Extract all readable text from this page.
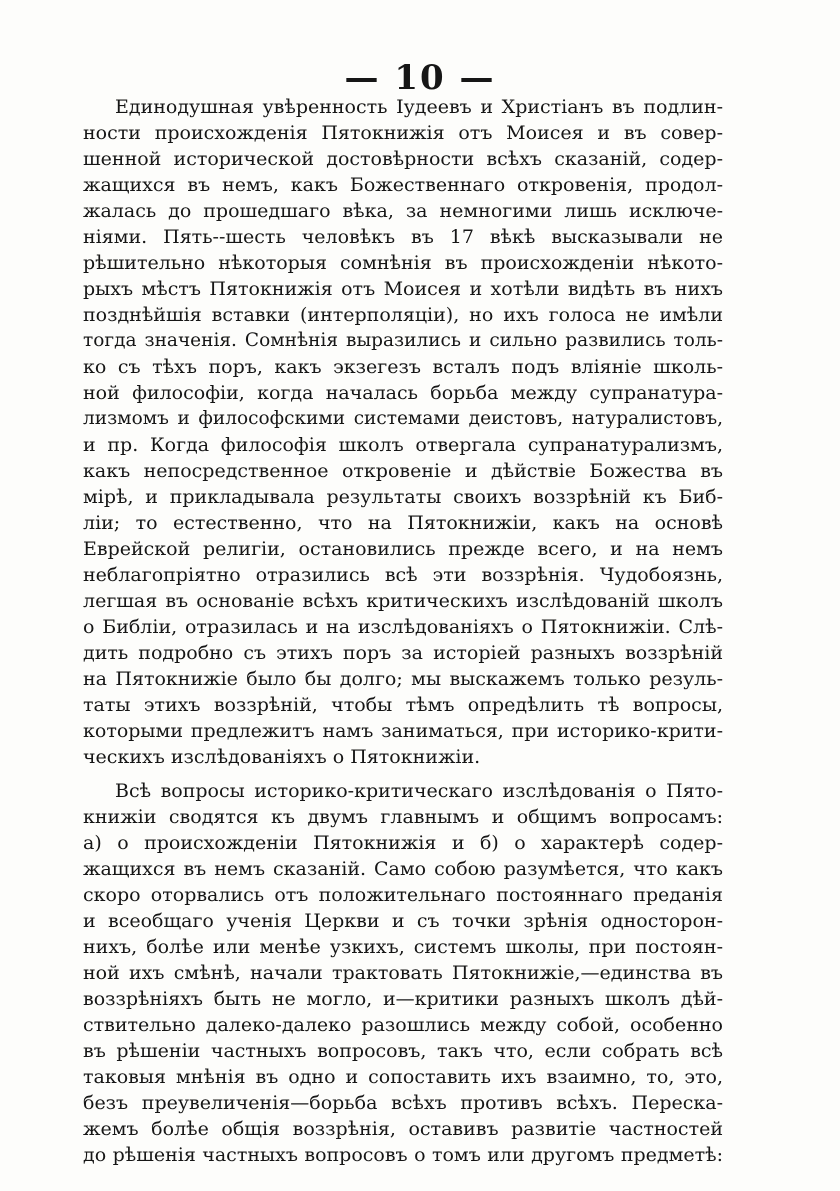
— 10 —
Единодушная увѣренность Іудеевъ и Христіанъ въ подлин-
ности происхожденія Пятокнижія отъ Моисея и въ совер-
шенной исторической достовѣрности всѣхъ сказаній, содер-
жащихся въ немъ, какъ Божественнаго откровенія, продол-
жалась до прошедшаго вѣка, за немногими лишь исключе-
ніями. Пять--шесть человѣкъ въ 17 вѣкѣ высказывали не
рѣшительно нѣкоторыя сомнѣнія въ происхожденіи нѣкото-
рыхъ мѣстъ Пятокнижія отъ Моисея и хотѣли видѣть въ нихъ
позднѣйшія вставки (интерполяціи), но ихъ голоса не имѣли
тогда значенія. Сомнѣнія выразились и сильно развились толь-
ко съ тѣхъ поръ, какъ экзегезъ всталъ подъ вліяніе школь-
ной философіи, когда началась борьба между супранатура-
лизмомъ и философскими системами деистовъ, натуралистовъ,
и пр. Когда философія школъ отвергала супранатурализмъ,
какъ непосредственное откровеніе и дѣйствіе Божества въ
мірѣ, и прикладывала результаты своихъ воззрѣній къ Биб-
ліи; то естественно, что на Пятокнижіи, какъ на основѣ
Еврейской религіи, остановились прежде всего, и на немъ
неблагопріятно отразились всѣ эти воззрѣнія. Чудобоязнь,
легшая въ основаніе всѣхъ критическихъ изслѣдованій школъ
о Библіи, отразилась и на изслѣдованіяхъ о Пятокнижіи. Слѣ-
дить подробно съ этихъ поръ за исторіей разныхъ воззрѣній
на Пятокнижіе было бы долго; мы выскажемъ только резуль-
таты этихъ воззрѣній, чтобы тѣмъ опредѣлить тѣ вопросы,
которыми предлежитъ намъ заниматься, при историко-крити-
ческихъ изслѣдованіяхъ о Пятокнижіи.
Всѣ вопросы историко-критическаго изслѣдованія о Пято-
книжіи сводятся къ двумъ главнымъ и общимъ вопросамъ:
а) о происхожденіи Пятокнижія и б) о характерѣ содер-
жащихся въ немъ сказаній. Само собою разумѣется, что какъ
скоро оторвались отъ положительнаго постояннаго преданія
и всеобщаго ученія Церкви и съ точки зрѣнія односторон-
нихъ, болѣе или менѣе узкихъ, системъ школы, при постоян-
ной ихъ смѣнѣ, начали трактовать Пятокнижіе,—единства въ
воззрѣніяхъ быть не могло, и—критики разныхъ школъ дѣй-
ствительно далеко-далеко разошлись между собой, особенно
въ рѣшеніи частныхъ вопросовъ, такъ что, если собрать всѣ
таковыя мнѣнія въ одно и сопоставить ихъ взаимно, то, это,
безъ преувеличенія—борьба всѣхъ противъ всѣхъ. Перескa-
жемъ болѣе общія воззрѣнія, оставивъ развитіе частностей
до рѣшенія частныхъ вопросовъ о томъ или другомъ предметѣ:
